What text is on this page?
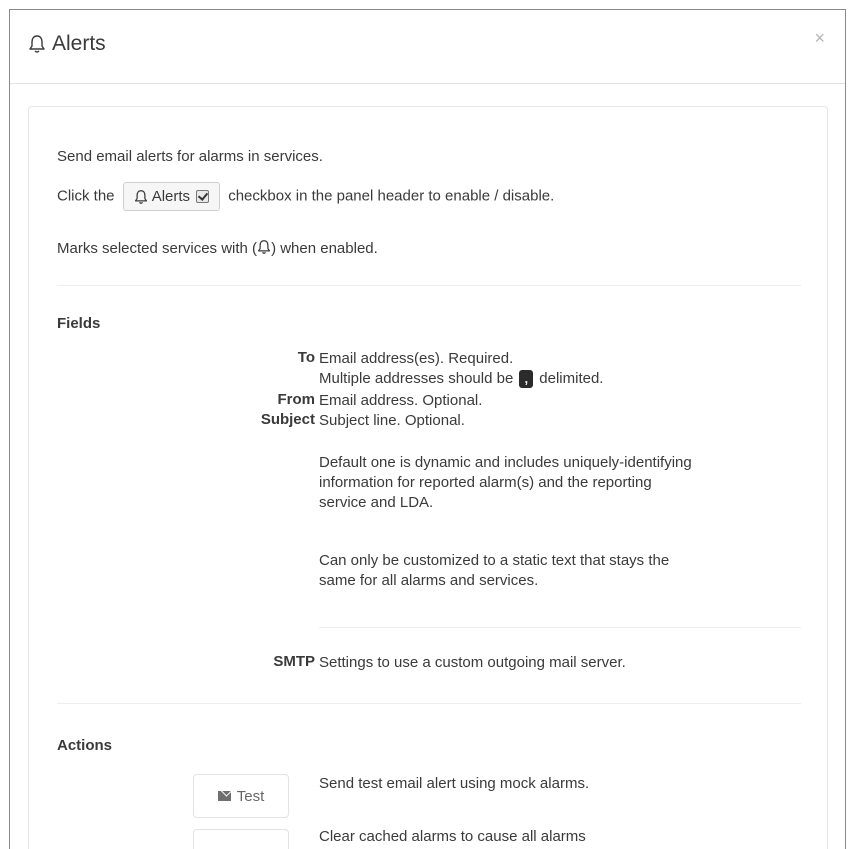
Alerts	×
Send email alerts for alarms in services.
Click the Alerts	checkbox in the panel header to enable / disable.
Marks selected services with ( ) when enabled.
Fields
To Email address(es). Required.
Multiple addresses should be , delimited.
From Email address. Optional.
Subject Subject line. Optional.
Default one is dynamic and includes uniquely-identifying
information for reported alarm(s) and the reporting
service and LDA.
Can only be customized to a static text that stays the
same for all alarms and services.
SMTP Settings to use a custom outgoing mail server.
Actions
Test
Send test email alert using mock alarms.
Clear cached alarms to cause all alarms
